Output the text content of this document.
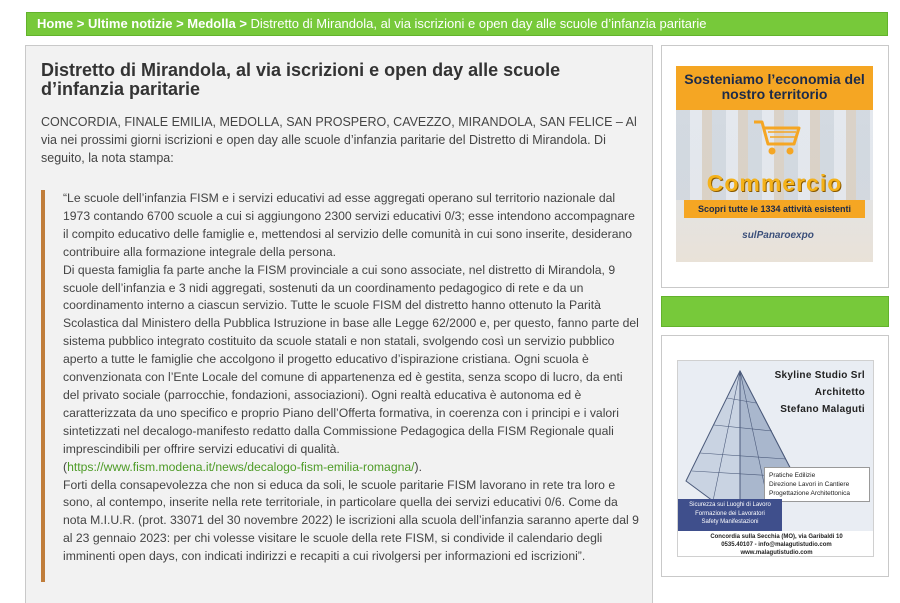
Home > Ultime notizie > Medolla > Distretto di Mirandola, al via iscrizioni e open day alle scuole d’infanzia paritarie
Distretto di Mirandola, al via iscrizioni e open day alle scuole d’infanzia paritarie

CONCORDIA, FINALE EMILIA, MEDOLLA, SAN PROSPERO, CAVEZZO, MIRANDOLA, SAN FELICE – Al via nei prossimi giorni iscrizioni e open day alle scuole d’infanzia paritarie del Distretto di Mirandola. Di seguito, la nota stampa:

“Le scuole dell’infanzia FISM e i servizi educativi ad esse aggregati operano sul territorio nazionale dal 1973 contando 6700 scuole a cui si aggiungono 2300 servizi educativi 0/3; esse intendono accompagnare il compito educativo delle famiglie e, mettendosi al servizio delle comunità in cui sono inserite, desiderano contribuire alla formazione integrale della persona.

Di questa famiglia fa parte anche la FISM provinciale a cui sono associate, nel distretto di Mirandola, 9 scuole dell’infanzia e 3 nidi aggregati, sostenuti da un coordinamento pedagogico di rete e da un coordinamento interno a ciascun servizio. Tutte le scuole FISM del distretto hanno ottenuto la Parità Scolastica dal Ministero della Pubblica Istruzione in base alle Legge 62/2000 e, per questo, fanno parte del sistema pubblico integrato costituito da scuole statali e non statali, svolgendo così un servizio pubblico aperto a tutte le famiglie che accolgono il progetto educativo d’ispirazione cristiana. Ogni scuola è convenzionata con l’Ente Locale del comune di appartenenza ed è gestita, senza scopo di lucro, da enti del privato sociale (parrocchie, fondazioni, associazioni). Ogni realtà educativa è autonoma ed è caratterizzata da uno specifico e proprio Piano dell’Offerta formativa, in coerenza con i principi e i valori sintetizzati nel decalogo-manifesto redatto dalla Commissione Pedagogica della FISM Regionale quali imprescindibili per offrire servizi educativi di qualità.
(https://www.fism.modena.it/news/decalogo-fism-emilia-romagna/).

Forti della consapevolezza che non si educa da soli, le scuole paritarie FISM lavorano in rete tra loro e sono, al contempo, inserite nella rete territoriale, in particolare quella dei servizi educativi 0/6. Come da nota M.I.U.R. (prot. 33071 del 30 novembre 2022) le iscrizioni alla scuola dell’infanzia saranno aperte dal 9 al 23 gennaio 2023: per chi volesse visitare le scuole della rete FISM, si condivide il calendario degli imminenti open days, con indicati indirizzi e recapiti a cui rivolgersi per informazioni ed iscrizioni”.

Sosteniamo l’economia del nostro territorio
Commercio
Scopri tutte le 1334 attività esistenti
sulPanaroexpo
Skyline Studio Srl
Architetto
Stefano Malaguti
Pratiche Edilizie
Direzione Lavori in Cantiere
Progettazione Architettonica
Sicurezza sui Luoghi di Lavoro
Formazione dei Lavoratori
Safety Manifestazioni
Concordia sulla Secchia (MO), via Garibaldi 10
0535.40107 - info@malagutistudio.com
www.malagutistudio.com
